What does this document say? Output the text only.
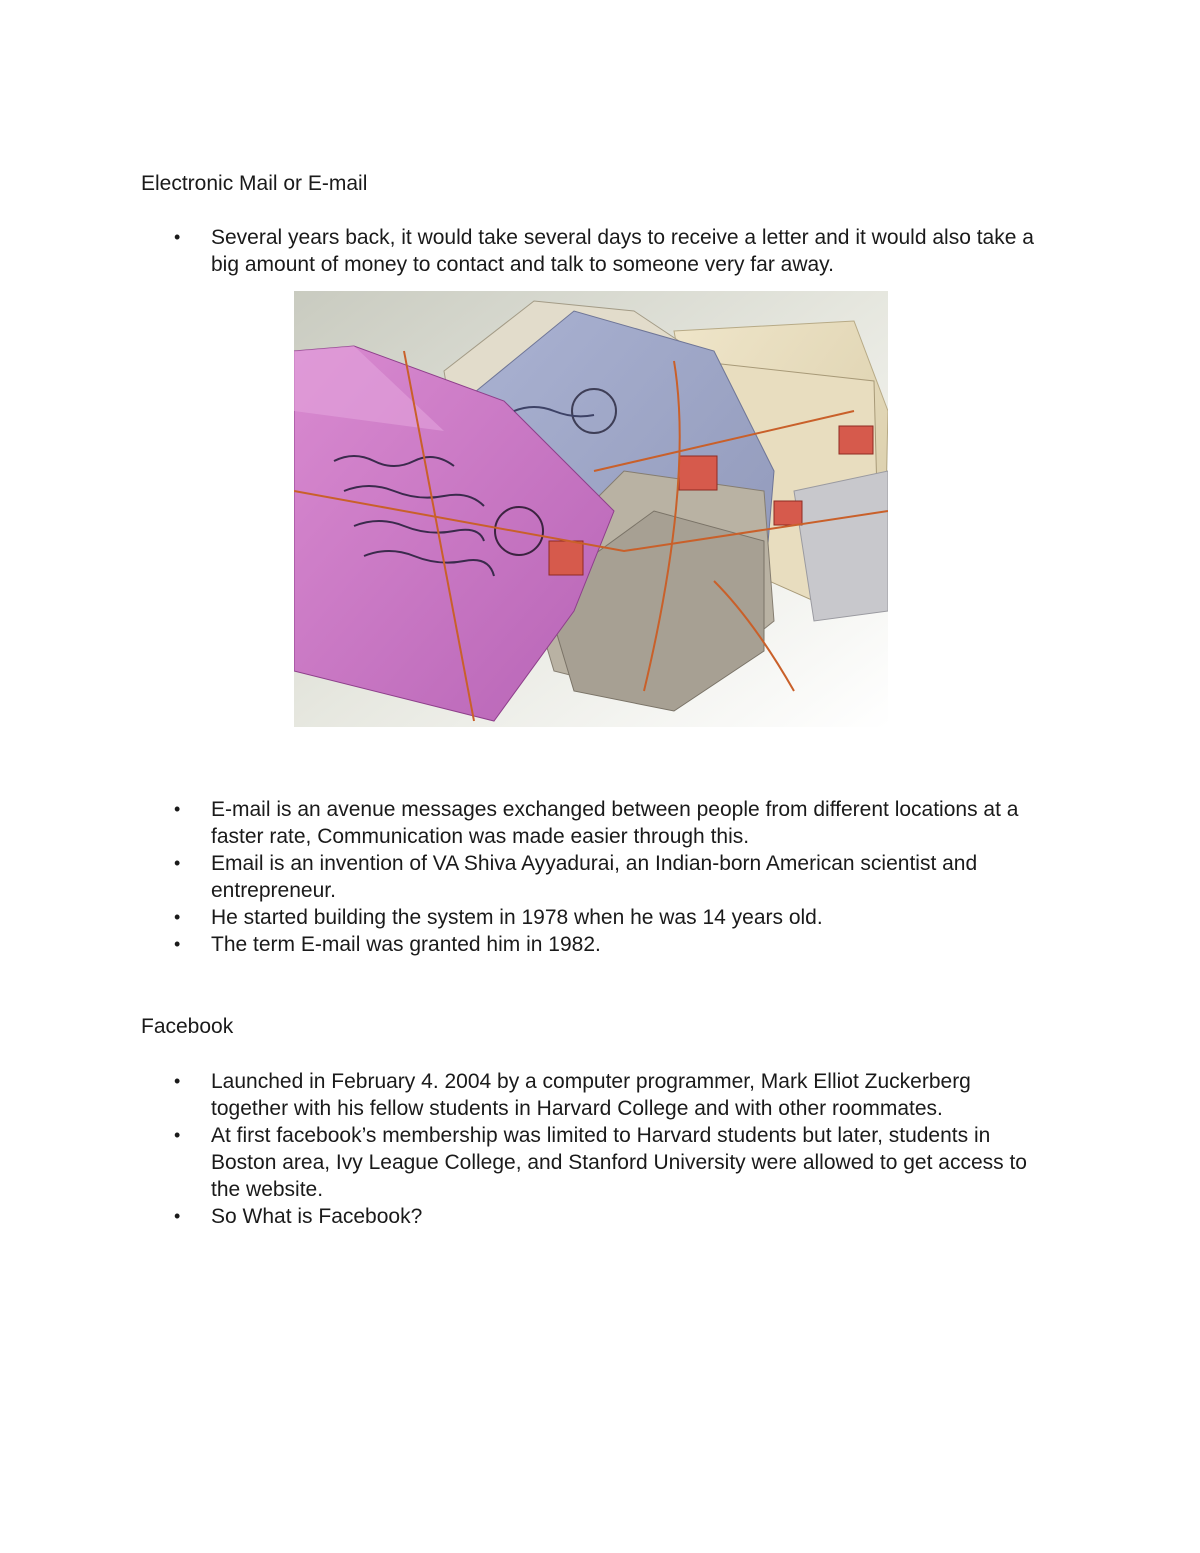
Electronic Mail or E-mail
• Several years back, it would take several days to receive a letter and it would also take a big amount of money to contact and talk to someone very far away.
• E-mail is an avenue messages exchanged between people from different locations at a faster rate, Communication was made easier through this.
• Email is an invention of VA Shiva Ayyadurai, an Indian-born American scientist and entrepreneur.
• He started building the system in 1978 when he was 14 years old.
• The term E-mail was granted him in 1982.
Facebook
• Launched in February 4. 2004 by a computer programmer, Mark Elliot Zuckerberg together with his fellow students in Harvard College and with other roommates.
• At first facebook’s membership was limited to Harvard students but later, students in Boston area, Ivy League College, and Stanford University were allowed to get access to the website.
• So What is Facebook?
